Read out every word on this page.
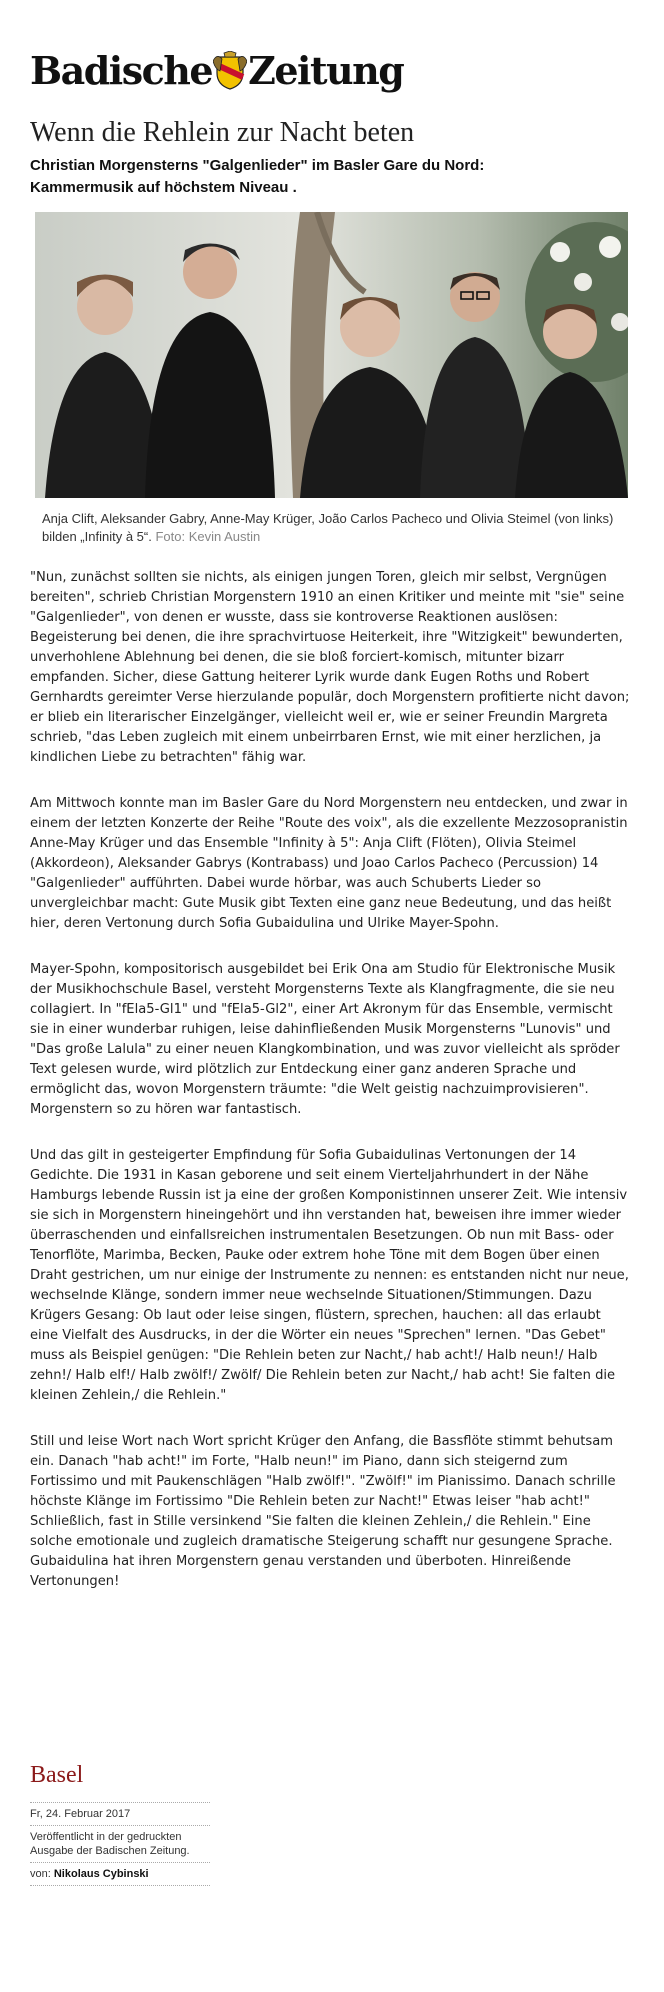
Badische Zeitung
Wenn die Rehlein zur Nacht beten
Christian Morgensterns "Galgenlieder" im Basler Gare du Nord: Kammermusik auf höchstem Niveau .
Anja Clift, Aleksander Gabry, Anne-May Krüger, João Carlos Pacheco und Olivia Steimel (von links) bilden „Infinity à 5“. Foto: Kevin Austin

"Nun, zunächst sollten sie nichts, als einigen jungen Toren, gleich mir selbst, Vergnügen bereiten", schrieb Christian Morgenstern 1910 an einen Kritiker und meinte mit "sie" seine "Galgenlieder", von denen er wusste, dass sie kontroverse Reaktionen auslösen: Begeisterung bei denen, die ihre sprachvirtuose Heiterkeit, ihre "Witzigkeit" bewunderten, unverhohlene Ablehnung bei denen, die sie bloß forciert-komisch, mitunter bizarr empfanden. Sicher, diese Gattung heiterer Lyrik wurde dank Eugen Roths und Robert Gernhardts gereimter Verse hierzulande populär, doch Morgenstern profitierte nicht davon; er blieb ein literarischer Einzelgänger, vielleicht weil er, wie er seiner Freundin Margreta schrieb, "das Leben zugleich mit einem unbeirrbaren Ernst, wie mit einer herzlichen, ja kindlichen Liebe zu betrachten" fähig war.

Am Mittwoch konnte man im Basler Gare du Nord Morgenstern neu entdecken, und zwar in einem der letzten Konzerte der Reihe "Route des voix", als die exzellente Mezzosopranistin Anne-May Krüger und das Ensemble "Infinity à 5": Anja Clift (Flöten), Olivia Steimel (Akkordeon), Aleksander Gabrys (Kontrabass) und Joao Carlos Pacheco (Percussion) 14 "Galgenlieder" aufführten. Dabei wurde hörbar, was auch Schuberts Lieder so unvergleichbar macht: Gute Musik gibt Texten eine ganz neue Bedeutung, und das heißt hier, deren Vertonung durch Sofia Gubaidulina und Ulrike Mayer-Spohn.

Mayer-Spohn, kompositorisch ausgebildet bei Erik Ona am Studio für Elektronische Musik der Musikhochschule Basel, versteht Morgensterns Texte als Klangfragmente, die sie neu collagiert. In "fEla5-Gl1" und "fEla5-Gl2", einer Art Akronym für das Ensemble, vermischt sie in einer wunderbar ruhigen, leise dahinfließenden Musik Morgensterns "Lunovis" und "Das große Lalula" zu einer neuen Klangkombination, und was zuvor vielleicht als spröder Text gelesen wurde, wird plötzlich zur Entdeckung einer ganz anderen Sprache und ermöglicht das, wovon Morgenstern träumte: "die Welt geistig nachzuimprovisieren". Morgenstern so zu hören war fantastisch.

Und das gilt in gesteigerter Empfindung für Sofia Gubaidulinas Vertonungen der 14 Gedichte. Die 1931 in Kasan geborene und seit einem Vierteljahrhundert in der Nähe Hamburgs lebende Russin ist ja eine der großen Komponistinnen unserer Zeit. Wie intensiv sie sich in Morgenstern hineingehört und ihn verstanden hat, beweisen ihre immer wieder überraschenden und einfallsreichen instrumentalen Besetzungen. Ob nun mit Bass- oder Tenorflöte, Marimba, Becken, Pauke oder extrem hohe Töne mit dem Bogen über einen Draht gestrichen, um nur einige der Instrumente zu nennen: es entstanden nicht nur neue, wechselnde Klänge, sondern immer neue wechselnde Situationen/Stimmungen. Dazu Krügers Gesang: Ob laut oder leise singen, flüstern, sprechen, hauchen: all das erlaubt eine Vielfalt des Ausdrucks, in der die Wörter ein neues "Sprechen" lernen. "Das Gebet" muss als Beispiel genügen: "Die Rehlein beten zur Nacht,/ hab acht!/ Halb neun!/ Halb zehn!/ Halb elf!/ Halb zwölf!/ Zwölf/ Die Rehlein beten zur Nacht,/ hab acht! Sie falten die kleinen Zehlein,/ die Rehlein."

Still und leise Wort nach Wort spricht Krüger den Anfang, die Bassflöte stimmt behutsam ein. Danach "hab acht!" im Forte, "Halb neun!" im Piano, dann sich steigernd zum Fortissimo und mit Paukenschlägen "Halb zwölf!". "Zwölf!" im Pianissimo. Danach schrille höchste Klänge im Fortissimo "Die Rehlein beten zur Nacht!" Etwas leiser "hab acht!" Schließlich, fast in Stille versinkend "Sie falten die kleinen Zehlein,/ die Rehlein." Eine solche emotionale und zugleich dramatische Steigerung schafft nur gesungene Sprache. Gubaidulina hat ihren Morgenstern genau verstanden und überboten. Hinreißende Vertonungen!

Basel
Fr, 24. Februar 2017
Veröffentlicht in der gedruckten Ausgabe der Badischen Zeitung.
von: Nikolaus Cybinski
